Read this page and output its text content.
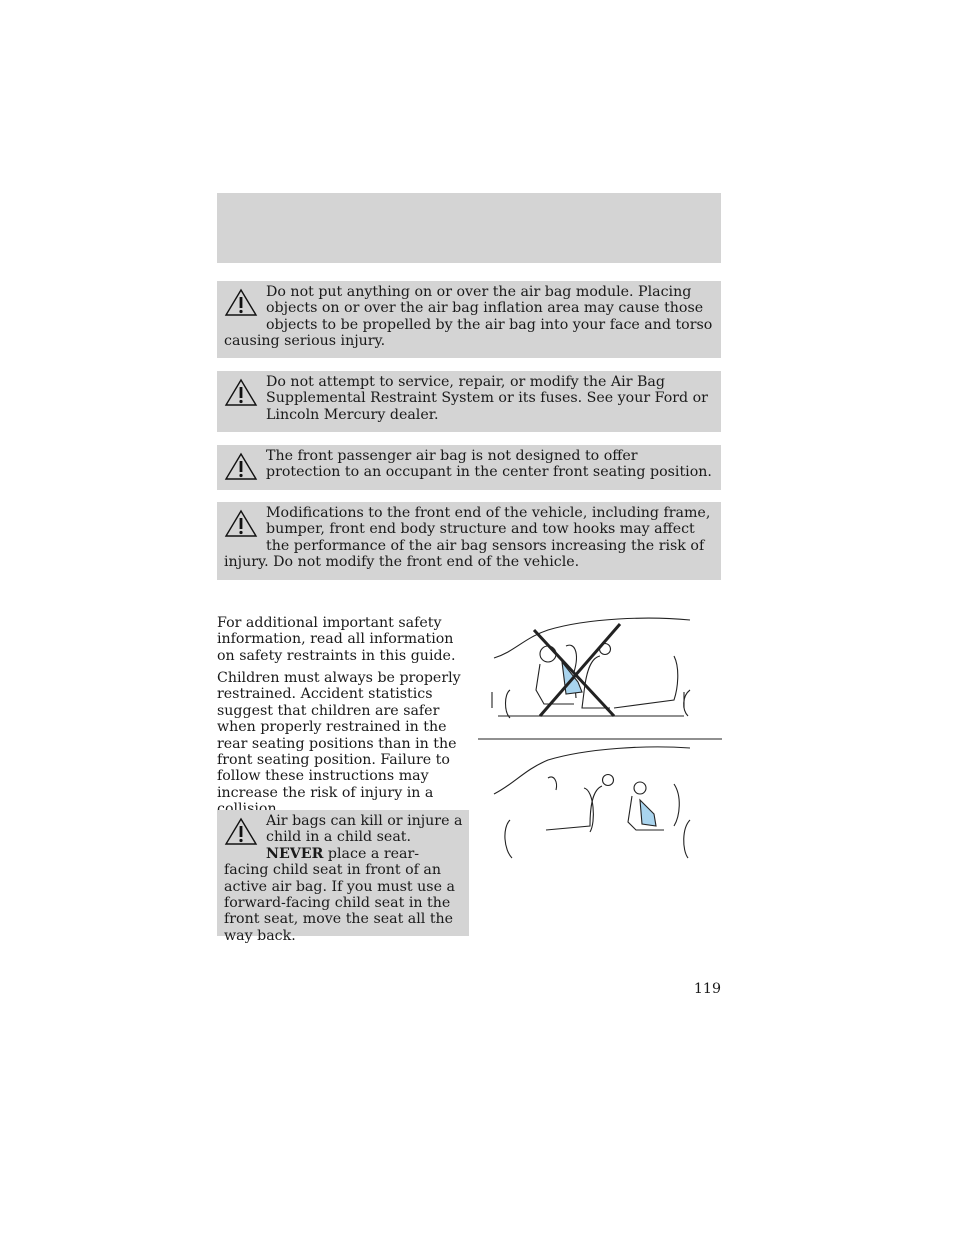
Do not put anything on or over the air bag module. Placing objects on or over the air bag inflation area may cause those objects to be propelled by the air bag into your face and torso causing serious injury.

Do not attempt to service, repair, or modify the Air Bag Supplemental Restraint System or its fuses. See your Ford or Lincoln Mercury dealer.

The front passenger air bag is not designed to offer protection to an occupant in the center front seating position.

Modifications to the front end of the vehicle, including frame, bumper, front end body structure and tow hooks may affect the performance of the air bag sensors increasing the risk of injury. Do not modify the front end of the vehicle.

For additional important safety information, read all information on safety restraints in this guide.

Children must always be properly restrained. Accident statistics suggest that children are safer when properly restrained in the rear seating positions than in the front seating position. Failure to follow these instructions may increase the risk of injury in a

Air bags can kill or injure a child in a child seat. NEVER place a rear-facing child seat in front of an active air bag. If you must use a forward-facing child seat in the front seat, move the seat all the way back.

119
